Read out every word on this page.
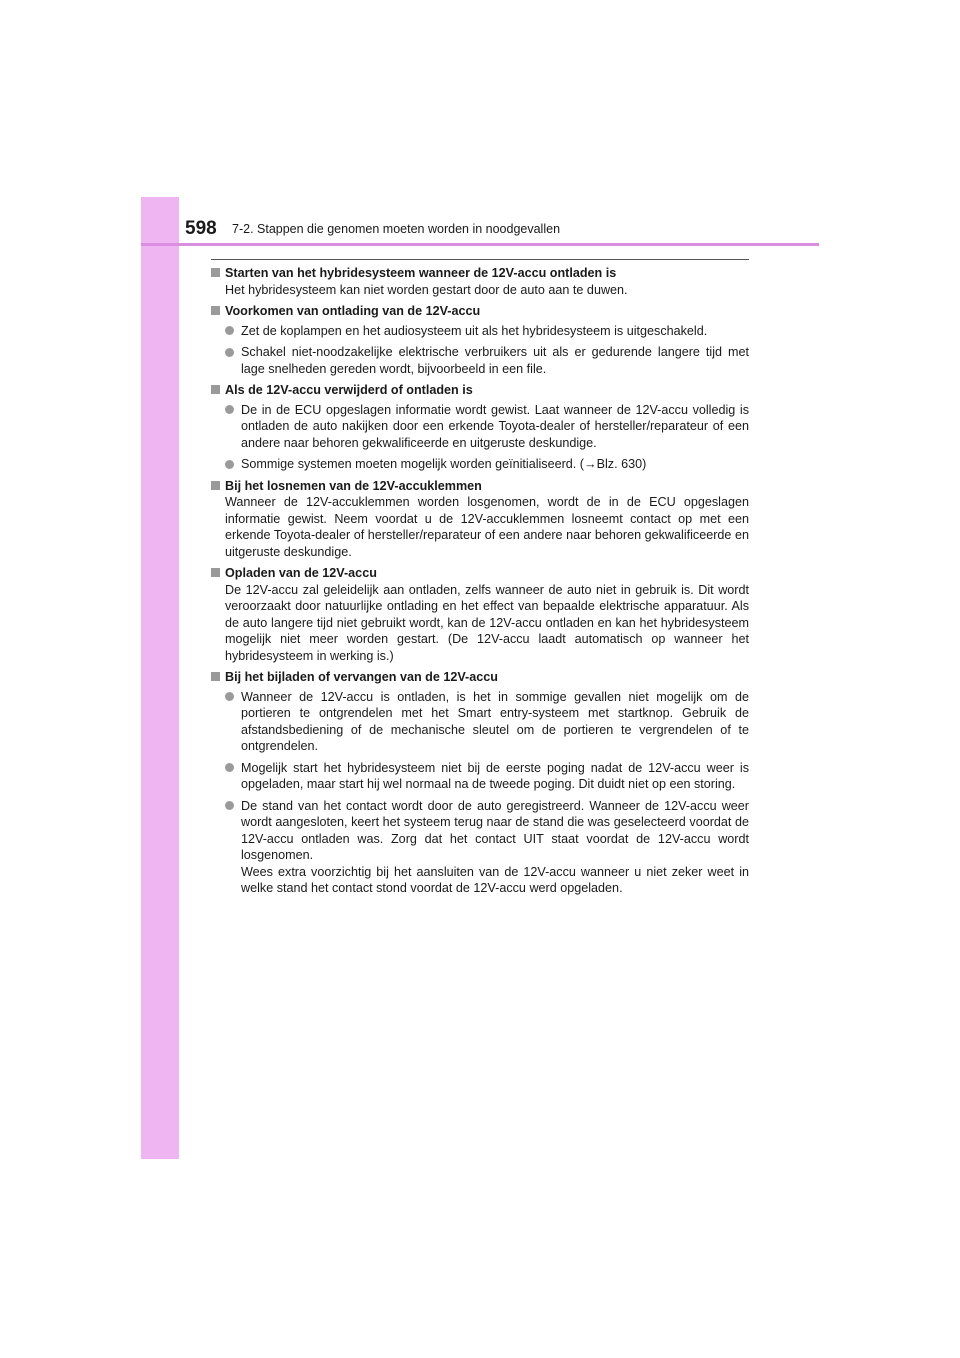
598 7-2. Stappen die genomen moeten worden in noodgevallen
Starten van het hybridesysteem wanneer de 12V-accu ontladen is
Het hybridesysteem kan niet worden gestart door de auto aan te duwen.
Voorkomen van ontlading van de 12V-accu
Zet de koplampen en het audiosysteem uit als het hybridesysteem is uitgeschakeld.
Schakel niet-noodzakelijke elektrische verbruikers uit als er gedurende langere tijd met lage snelheden gereden wordt, bijvoorbeeld in een file.
Als de 12V-accu verwijderd of ontladen is
De in de ECU opgeslagen informatie wordt gewist. Laat wanneer de 12V-accu volledig is ontladen de auto nakijken door een erkende Toyota-dealer of hersteller/reparateur of een andere naar behoren gekwalificeerde en uitgeruste deskundige.
Sommige systemen moeten mogelijk worden geïnitialiseerd. (→Blz. 630)
Bij het losnemen van de 12V-accuklemmen
Wanneer de 12V-accuklemmen worden losgenomen, wordt de in de ECU opgeslagen informatie gewist. Neem voordat u de 12V-accuklemmen losneemt contact op met een erkende Toyota-dealer of hersteller/reparateur of een andere naar behoren gekwalificeerde en uitgeruste deskundige.
Opladen van de 12V-accu
De 12V-accu zal geleidelijk aan ontladen, zelfs wanneer de auto niet in gebruik is. Dit wordt veroorzaakt door natuurlijke ontlading en het effect van bepaalde elektrische apparatuur. Als de auto langere tijd niet gebruikt wordt, kan de 12V-accu ontladen en kan het hybridesysteem mogelijk niet meer worden gestart. (De 12V-accu laadt automatisch op wanneer het hybridesysteem in werking is.)
Bij het bijladen of vervangen van de 12V-accu
Wanneer de 12V-accu is ontladen, is het in sommige gevallen niet mogelijk om de portieren te ontgrendelen met het Smart entry-systeem met startknop. Gebruik de afstandsbediening of de mechanische sleutel om de portieren te vergrendelen of te ontgrendelen.
Mogelijk start het hybridesysteem niet bij de eerste poging nadat de 12V-accu weer is opgeladen, maar start hij wel normaal na de tweede poging. Dit duidt niet op een storing.
De stand van het contact wordt door de auto geregistreerd. Wanneer de 12V-accu weer wordt aangesloten, keert het systeem terug naar de stand die was geselecteerd voordat de 12V-accu ontladen was. Zorg dat het contact UIT staat voordat de 12V-accu wordt losgenomen.
Wees extra voorzichtig bij het aansluiten van de 12V-accu wanneer u niet zeker weet in welke stand het contact stond voordat de 12V-accu werd opgeladen.
